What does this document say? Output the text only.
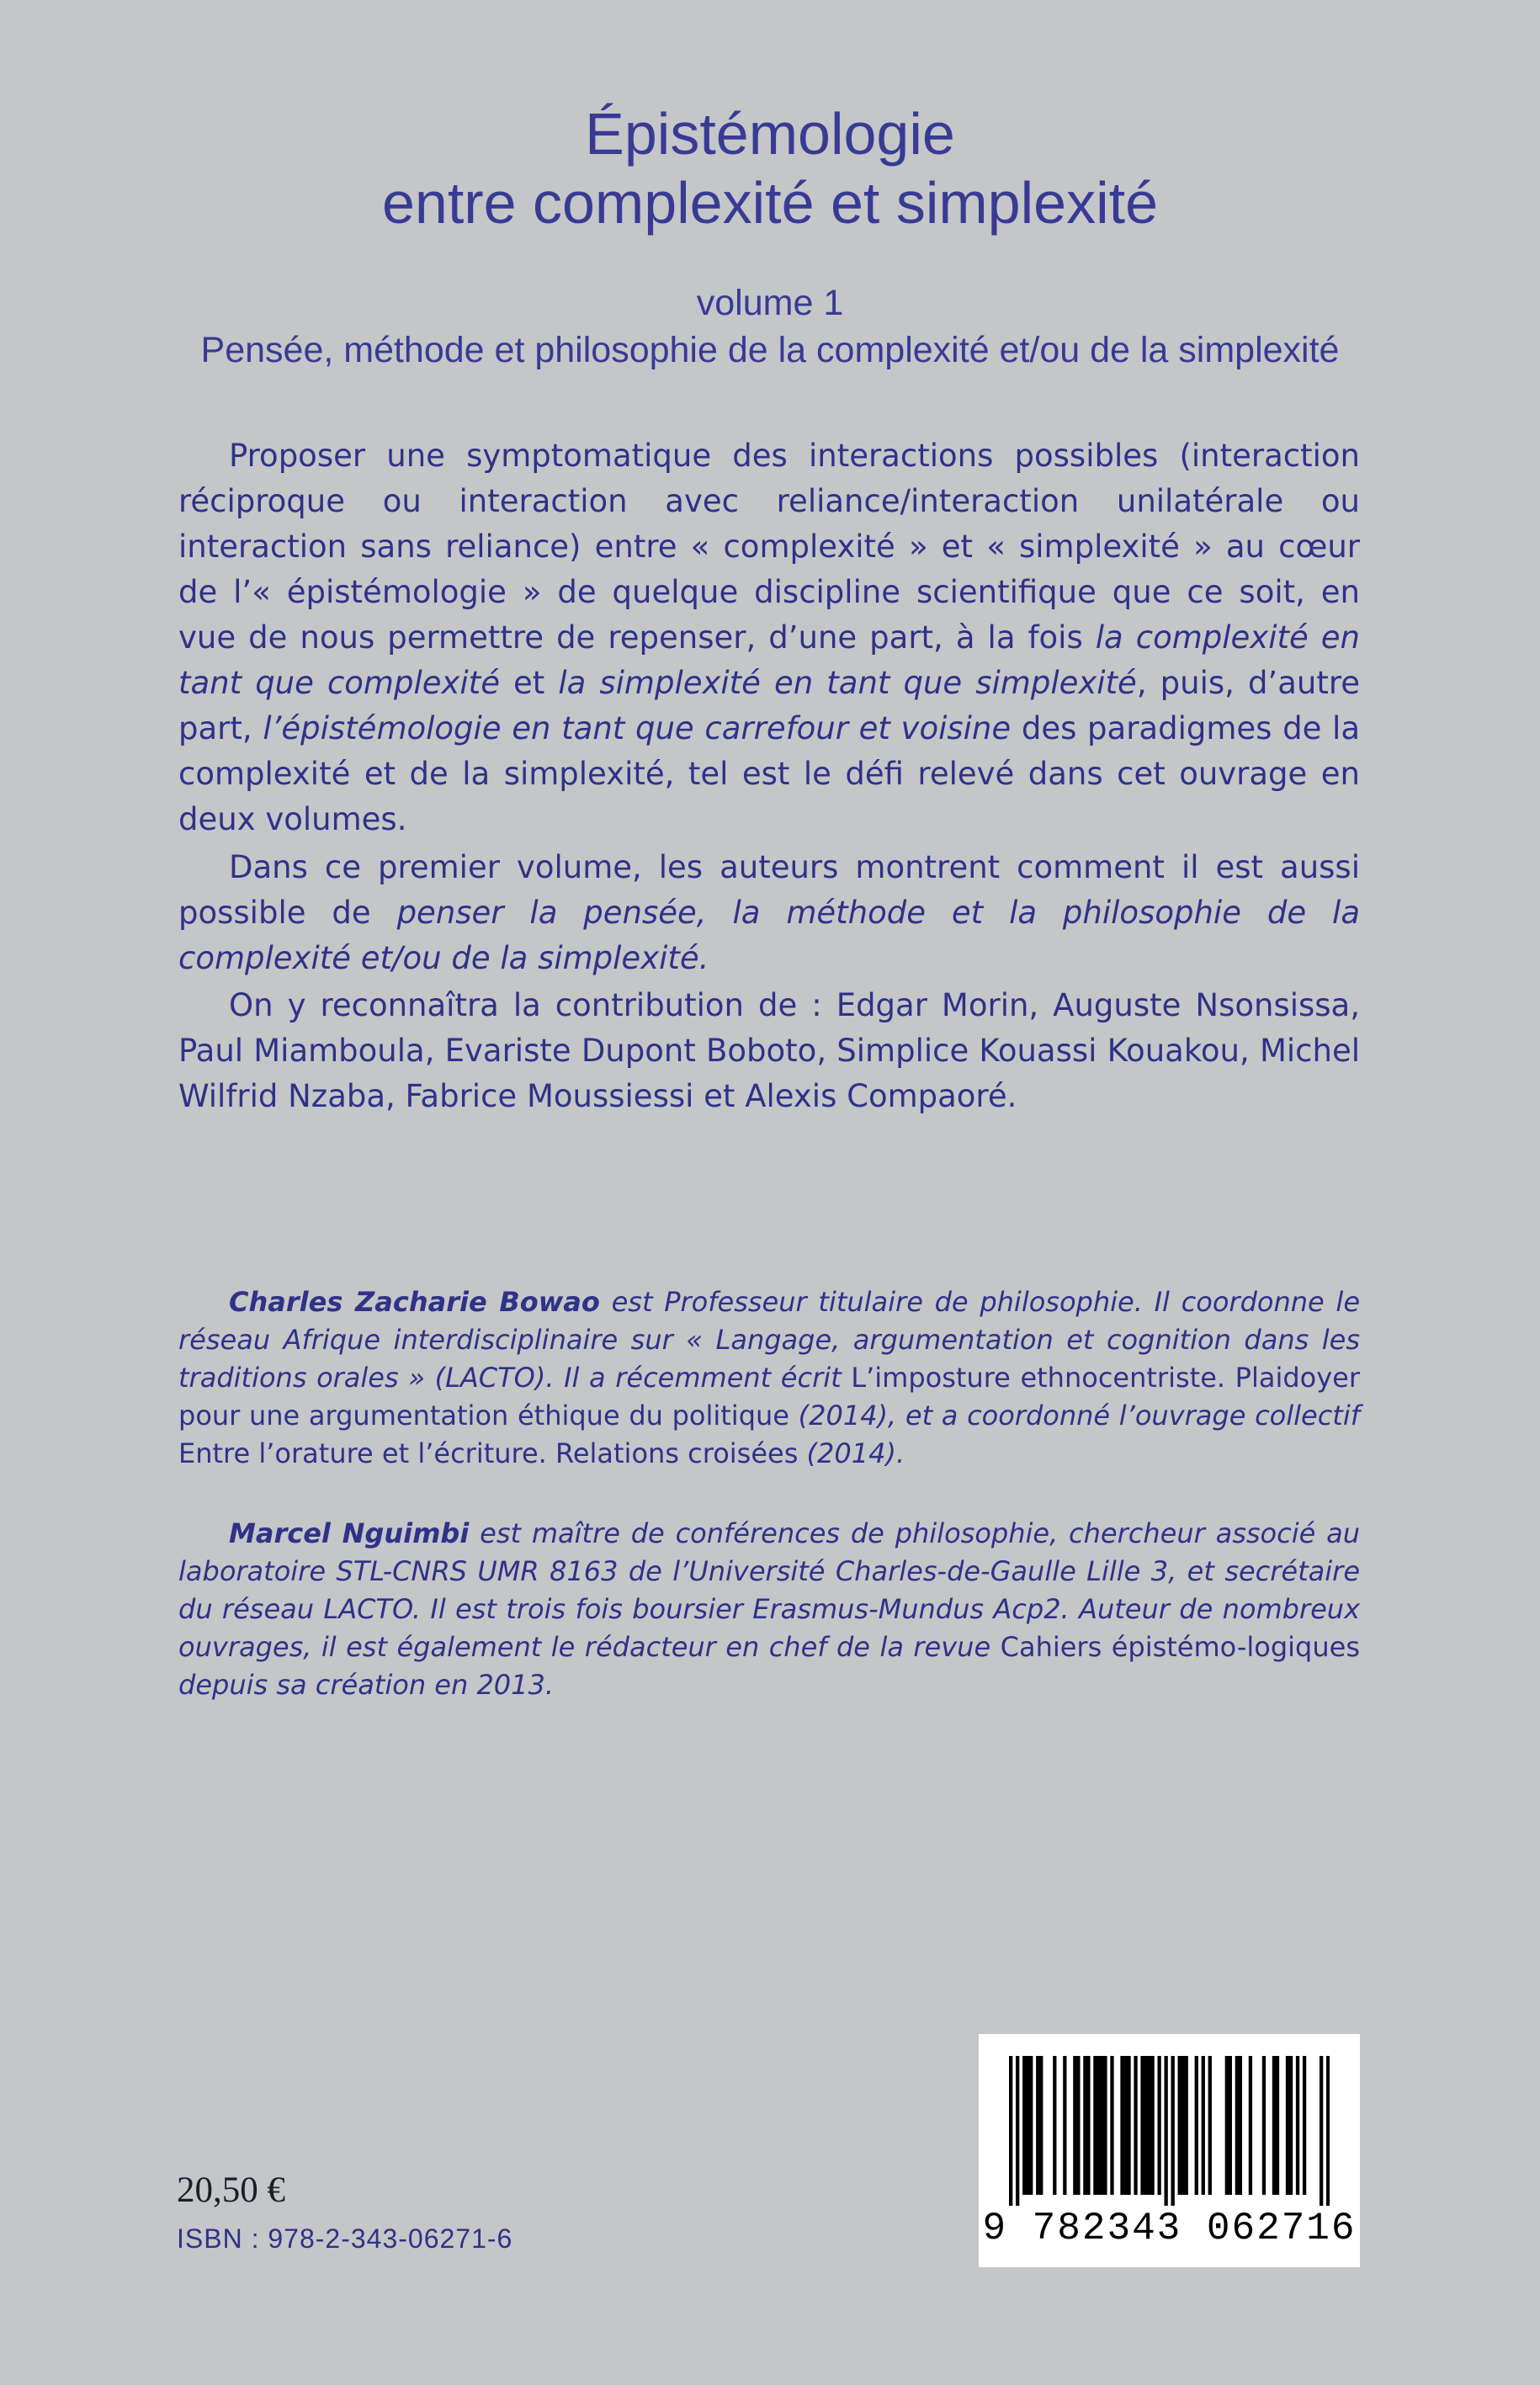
Épistémologie
entre complexité et simplexité
volume 1
Pensée, méthode et philosophie de la complexité et/ou de la simplexité

Proposer une symptomatique des interactions possibles (interaction réciproque ou interaction avec reliance/interaction unilatérale ou interaction sans reliance) entre « complexité » et « simplexité » au cœur de l’« épistémologie » de quelque discipline scientifique que ce soit, en vue de nous permettre de repenser, d’une part, à la fois la complexité en tant que complexité et la simplexité en tant que simplexité, puis, d’autre part, l’épistémologie en tant que carrefour et voisine des paradigmes de la complexité et de la simplexité, tel est le défi relevé dans cet ouvrage en deux volumes.

Dans ce premier volume, les auteurs montrent comment il est aussi possible de penser la pensée, la méthode et la philosophie de la complexité et/ou de la simplexité.

On y reconnaîtra la contribution de : Edgar Morin, Auguste Nsonsissa, Paul Miamboula, Evariste Dupont Boboto, Simplice Kouassi Kouakou, Michel Wilfrid Nzaba, Fabrice Moussiessi et Alexis Compaoré.

Charles Zacharie Bowao est Professeur titulaire de philosophie. Il coordonne le réseau Afrique interdisciplinaire sur « Langage, argumentation et cognition dans les traditions orales » (LACTO). Il a récemment écrit L’imposture ethnocentriste. Plaidoyer pour une argumentation éthique du politique (2014), et a coordonné l’ouvrage collectif Entre l’orature et l’écriture. Relations croisées (2014).

Marcel Nguimbi est maître de conférences de philosophie, chercheur associé au laboratoire STL-CNRS UMR 8163 de l’Université Charles-de-Gaulle Lille 3, et secrétaire du réseau LACTO. Il est trois fois boursier Erasmus-Mundus Acp2. Auteur de nombreux ouvrages, il est également le rédacteur en chef de la revue Cahiers épistémo-logiques depuis sa création en 2013.

20,50 €
ISBN : 978-2-343-06271-6	9 782343 062716
